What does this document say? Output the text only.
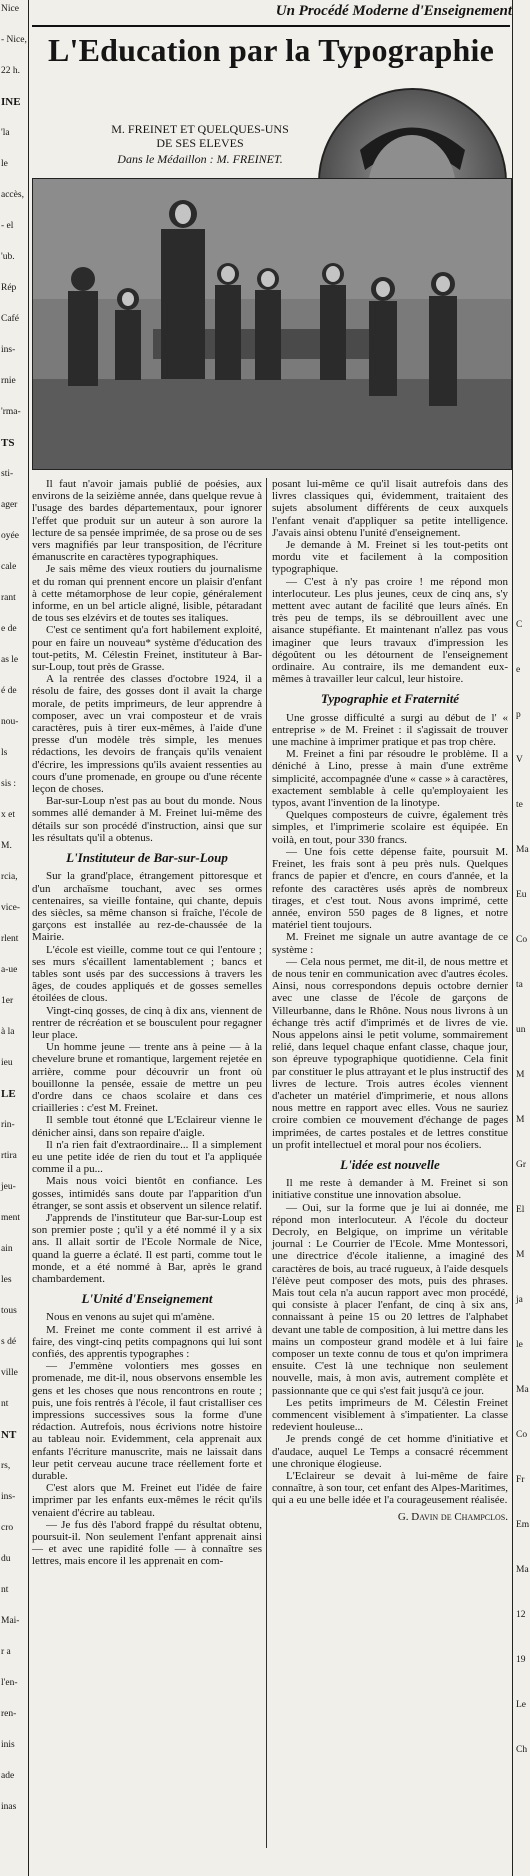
Nice
- Nice,
22 h.
INE
'la
le
accès,
- el
'ub.
Rép
Café
ins-
rnie
'rma-
TS
sti-
ager
oyée
cale
rant
e de
as le
é de
nou-
ls
sis :
x et
M.
rcia,
vice-
rlent
a-ue
1er
à la
ieu
LE
rin-
rtira
jeu-
ment
ain
les
tous
s dé
ville
nt
NT
rs,
ins-
cro
du
nt
Mai-
r a
l'en-
ren-
inis
ade
inas
C
e
p
V
te
Ma
Eu
Co
ta
un
M
M
Gr
El
M
ja
le
Ma
Co
Fr
Em
Ma
12
19
Le
Ch
Un Procédé Moderne d'Enseignement
L'Education par la Typographie
M. FREINET ET QUELQUES-UNS
DE SES ELEVES
Dans le Médaillon : M. FREINET.

Il faut n'avoir jamais publié de poésies, aux environs de la seizième année, dans quelque revue à l'usage des bardes départementaux, pour ignorer l'effet que produit sur un auteur à son aurore la lecture de sa pensée imprimée, de sa prose ou de ses vers magnifiés par leur transposition, de l'écriture émanuscrite en caractères typographiques.

Je sais même des vieux routiers du journalisme et du roman qui prennent encore un plaisir d'enfant à cette métamorphose de leur copie, généralement informe, en un bel article aligné, lisible, pétaradant de tous ses elzévirs et de toutes ses italiques.

C'est ce sentiment qu'a fort habilement exploité, pour en faire un nouveau* système d'éducation des tout-petits, M. Célestin Freinet, instituteur à Bar-sur-Loup, tout près de Grasse.

A la rentrée des classes d'octobre 1924, il a résolu de faire, des gosses dont il avait la charge morale, de petits imprimeurs, de leur apprendre à composer, avec un vrai composteur et de vrais caractères, puis à tirer eux-mêmes, à l'aide d'une presse d'un modèle très simple, les menues rédactions, les devoirs de français qu'ils venaient d'écrire, les impressions qu'ils avaient ressenties au cours d'une promenade, en groupe ou d'une récente leçon de choses.

Bar-sur-Loup n'est pas au bout du monde. Nous sommes allé demander à M. Freinet lui-même des détails sur son procédé d'instruction, ainsi que sur les résultats qu'il a obtenus.

L'Instituteur de Bar-sur-Loup

Sur la grand'place, étrangement pittoresque et d'un archaïsme touchant, avec ses ormes centenaires, sa vieille fontaine, qui chante, depuis des siècles, sa même chanson si fraîche, l'école de garçons est installée au rez-de-chaussée de la Mairie.

L'école est vieille, comme tout ce qui l'entoure ; ses murs s'écaillent lamentablement ; bancs et tables sont usés par des successions à travers les âges, de coudes appliqués et de gosses semelles étoilées de clous.

Vingt-cinq gosses, de cinq à dix ans, viennent de rentrer de récréation et se bousculent pour regagner leur place.

Un homme jeune — trente ans à peine — à la chevelure brune et romantique, largement rejetée en arrière, comme pour découvrir un front où bouillonne la pensée, essaie de mettre un peu d'ordre dans ce chaos scolaire et dans ces criailleries : c'est M. Freinet.

Il semble tout étonné que L'Eclaireur vienne le dénicher ainsi, dans son repaire d'aigle.

Il n'a rien fait d'extraordinaire... Il a simplement eu une petite idée de rien du tout et l'a appliquée comme il a pu...

Mais nous voici bientôt en confiance. Les gosses, intimidés sans doute par l'apparition d'un étranger, se sont assis et observent un silence relatif.

J'apprends de l'instituteur que Bar-sur-Loup est son premier poste ; qu'il y a été nommé il y a six ans. Il allait sortir de l'Ecole Normale de Nice, quand la guerre a éclaté. Il est parti, comme tout le monde, et a été nommé à Bar, après le grand chambardement.

L'Unité d'Enseignement

Nous en venons au sujet qui m'amène.

M. Freinet me conte comment il est arrivé à faire, des vingt-cinq petits compagnons qui lui sont confiés, des apprentis typographes :

— J'emmène volontiers mes gosses en promenade, me dit-il, nous observons ensemble les gens et les choses que nous rencontrons en route ; puis, une fois rentrés à l'école, il faut cristalliser ces impressions successives sous la forme d'une rédaction. Autrefois, nous écrivions notre histoire au tableau noir. Evidemment, cela apprenait aux enfants l'écriture manuscrite, mais ne laissait dans leur petit cerveau aucune trace réellement forte et durable.

C'est alors que M. Freinet eut l'idée de faire imprimer par les enfants eux-mêmes le récit qu'ils venaient d'écrire au tableau.

— Je fus dès l'abord frappé du résultat obtenu, poursuit-il. Non seulement l'enfant apprenait ainsi — et avec une rapidité folle — à connaître ses lettres, mais encore il les apprenait en com-

posant lui-même ce qu'il lisait autrefois dans des livres classiques qui, évidemment, traitaient des sujets absolument différents de ceux auxquels l'enfant venait d'appliquer sa petite intelligence. J'avais ainsi obtenu l'unité d'enseignement.

Je demande à M. Freinet si les tout-petits ont mordu vite et facilement à la composition typographique.

— C'est à n'y pas croire ! me répond mon interlocuteur. Les plus jeunes, ceux de cinq ans, s'y mettent avec autant de facilité que leurs aînés. En très peu de temps, ils se débrouillent avec une aisance stupéfiante. Et maintenant n'allez pas vous imaginer que leurs travaux d'impression les dégoûtent ou les détournent de l'enseignement ordinaire. Au contraire, ils me demandent eux-mêmes à travailler leur calcul, leur histoire.

Typographie et Fraternité

Une grosse difficulté a surgi au début de l' « entreprise » de M. Freinet : il s'agissait de trouver une machine à imprimer pratique et pas trop chère.

M. Freinet a fini par résoudre le problème. Il a déniché à Lino, presse à main d'une extrême simplicité, accompagnée d'une « casse » à caractères, exactement semblable à celle qu'employaient les typos, avant l'invention de la linotype.

Quelques composteurs de cuivre, également très simples, et l'imprimerie scolaire est équipée. En voilà, en tout, pour 330 francs.

— Une fois cette dépense faite, poursuit M. Freinet, les frais sont à peu près nuls. Quelques francs de papier et d'encre, en cours d'année, et la refonte des caractères usés après de nombreux tirages, et c'est tout. Nous avons imprimé, cette année, environ 550 pages de 8 lignes, et notre matériel tient toujours.

M. Freinet me signale un autre avantage de ce système :

— Cela nous permet, me dit-il, de nous mettre et de nous tenir en communication avec d'autres écoles. Ainsi, nous correspondons depuis octobre dernier avec une classe de l'école de garçons de Villeurbanne, dans le Rhône. Nous nous livrons à un échange très actif d'imprimés et de livres de vie. Nous appelons ainsi le petit volume, sommairement relié, dans lequel chaque enfant classe, chaque jour, son épreuve typographique quotidienne. Cela finit par constituer le plus attrayant et le plus instructif des livres de lecture. Trois autres écoles viennent d'acheter un matériel d'imprimerie, et nous allons nous mettre en rapport avec elles. Vous ne sauriez croire combien ce mouvement d'échange de pages imprimées, de cartes postales et de lettres constitue un profit intellectuel et moral pour nos écoliers.

L'idée est nouvelle

Il me reste à demander à M. Freinet si son initiative constitue une innovation absolue.

— Oui, sur la forme que je lui ai donnée, me répond mon interlocuteur. A l'école du docteur Decroly, en Belgique, on imprime un véritable journal : Le Courrier de l'Ecole. Mme Montessori, une directrice d'école italienne, a imaginé des caractères de bois, au tracé rugueux, à l'aide desquels l'élève peut composer des mots, puis des phrases. Mais tout cela n'a aucun rapport avec mon procédé, qui consiste à placer l'enfant, de cinq à six ans, connaissant à peine 15 ou 20 lettres de l'alphabet devant une table de composition, à lui mettre dans les mains un composteur grand modèle et à lui faire composer un texte connu de tous et qu'on imprimera ensuite. C'est là une technique non seulement nouvelle, mais, à mon avis, autrement complète et passionnante que ce qui s'est fait jusqu'à ce jour.

Les petits imprimeurs de M. Célestin Freinet commencent visiblement à s'impatienter. La classe redevient houleuse...

Je prends congé de cet homme d'initiative et d'audace, auquel Le Temps a consacré récemment une chronique élogieuse.

L'Eclaireur se devait à lui-même de faire connaître, à son tour, cet enfant des Alpes-Maritimes, qui a eu une belle idée et l'a courageusement réalisée.

G. Davin de Champclos.
